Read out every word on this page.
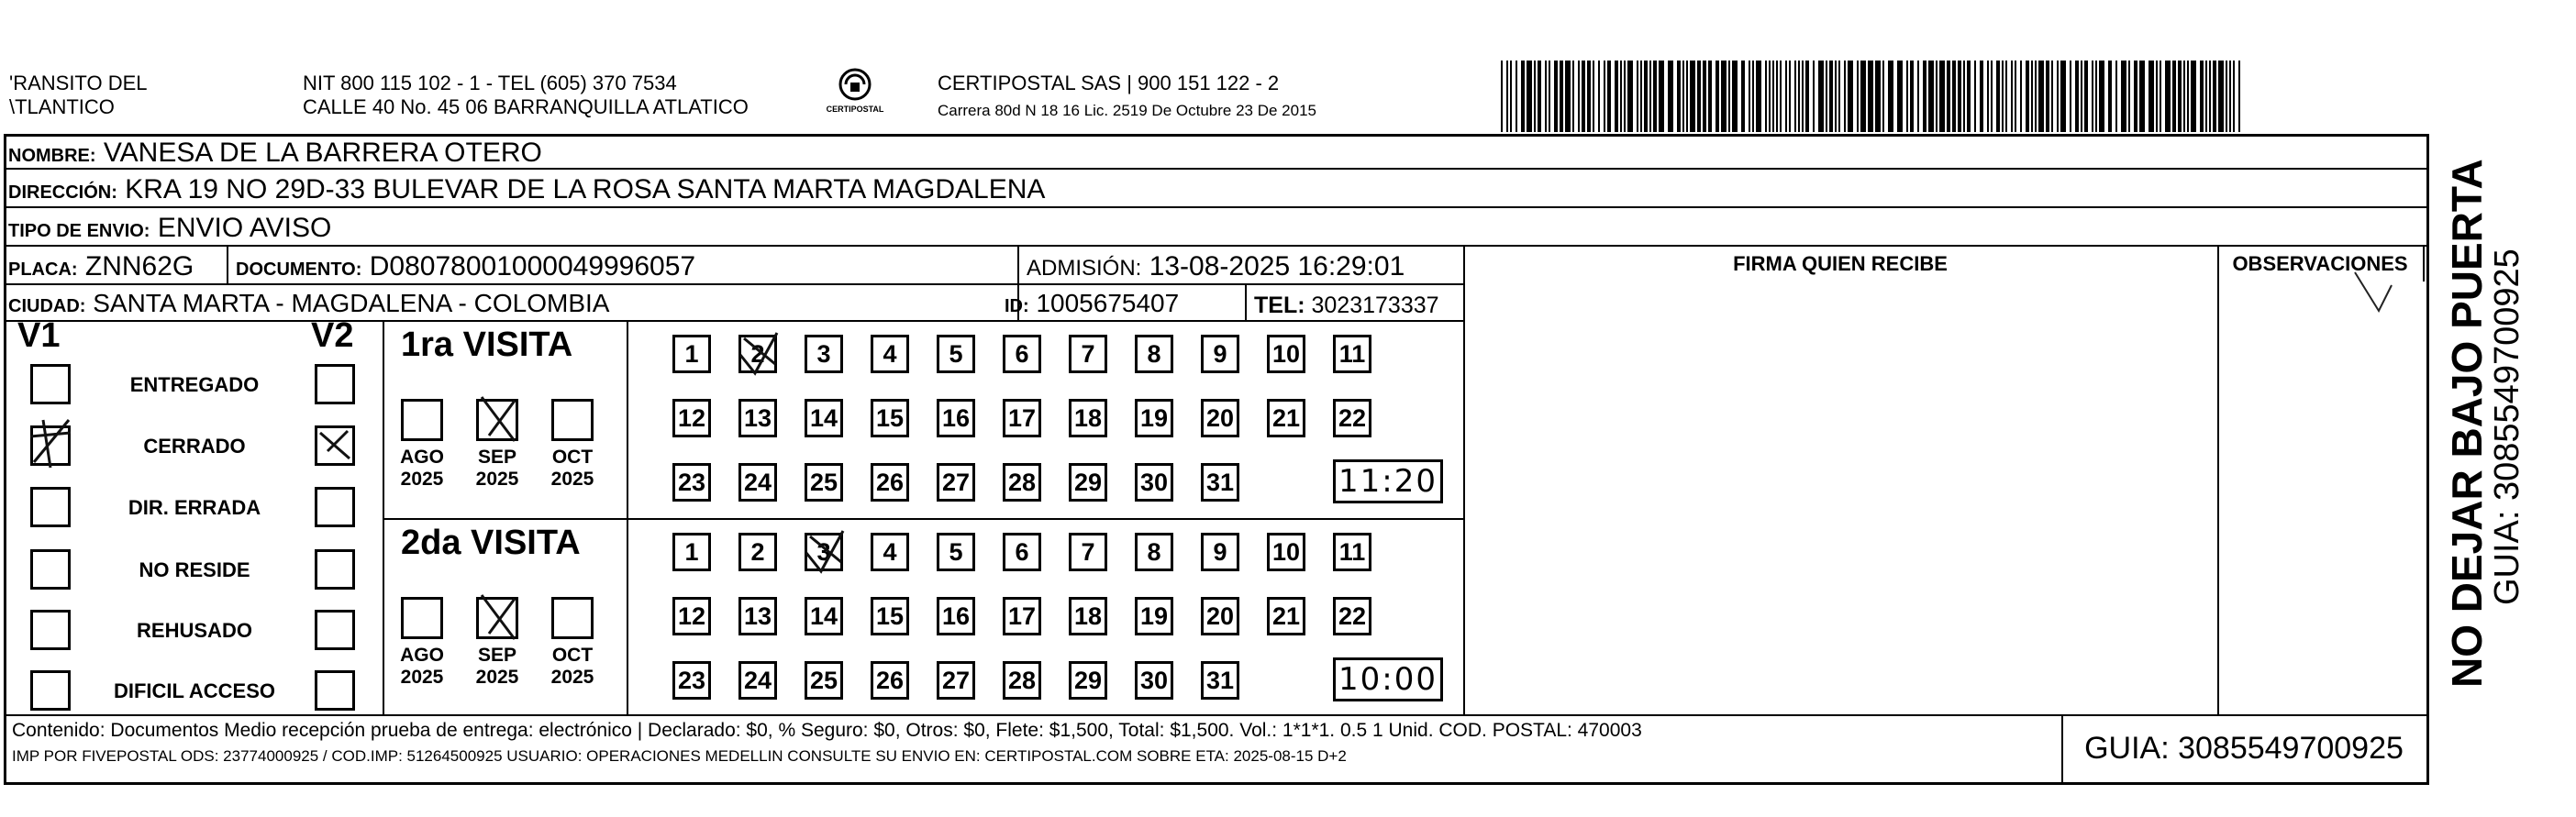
'RANSITO DEL
\TLANTICO
NIT 800 115 102 - 1 - TEL (605) 370 7534
CALLE 40 No. 45 06 BARRANQUILLA ATLATICO	CERTIPOSTAL
CERTIPOSTAL SAS | 900 151 122 - 2
Carrera 80d N 18 16 Lic. 2519 De Octubre 23 De 2015
NOMBRE: VANESA DE LA BARRERA OTERO
DIRECCIÓN: KRA 19 NO 29D-33 BULEVAR DE LA ROSA SANTA MARTA MAGDALENA
TIPO DE ENVIO: ENVIO AVISO
PLACA: ZNN62G DOCUMENTO: D08078001000049996057	ADMISIÓN: 13-08-2025 16:29:01
CIUDAD: SANTA MARTA - MAGDALENA - COLOMBIA	ID: 1005675407	TEL: 3023173337
FIRMA QUIEN RECIBE	OBSERVACIONES
V1	V2
ENTREGADO
CERRADO
DIR. ERRADA
NO RESIDE
REHUSADO
DIFICIL ACCESO
1ra VISITA
AGO
2025
SEP
2025
OCT
2025
1	2	3	4	5	6	7	8	9	10 11
12 13 14 15 16 17 18 19 20 21 22
23 24 25 26 27 28 29 30 31	11:20
2da VISITA
AGO
2025
SEP
2025
OCT
2025
1	2	3	4	5	6	7	8	9	10 11
12 13 14 15 16 17 18 19 20 21 22
23 24 25 26 27 28 29 30 31	10:00
Contenido: Documentos Medio recepción prueba de entrega: electrónico | Declarado: $0, % Seguro: $0, Otros: $0, Flete: $1,500, Total: $1,500. Vol.: 1*1*1. 0.5 1 Unid. COD. POSTAL: 470003
IMP POR FIVEPOSTAL ODS: 23774000925 / COD.IMP: 51264500925 USUARIO: OPERACIONES MEDELLIN CONSULTE SU ENVIO EN: CERTIPOSTAL.COM SOBRE ETA: 2025-08-15 D+2	GUIA: 3085549700925
NO DEJAR BAJO PUERTA
GUIA: 3085549700925
